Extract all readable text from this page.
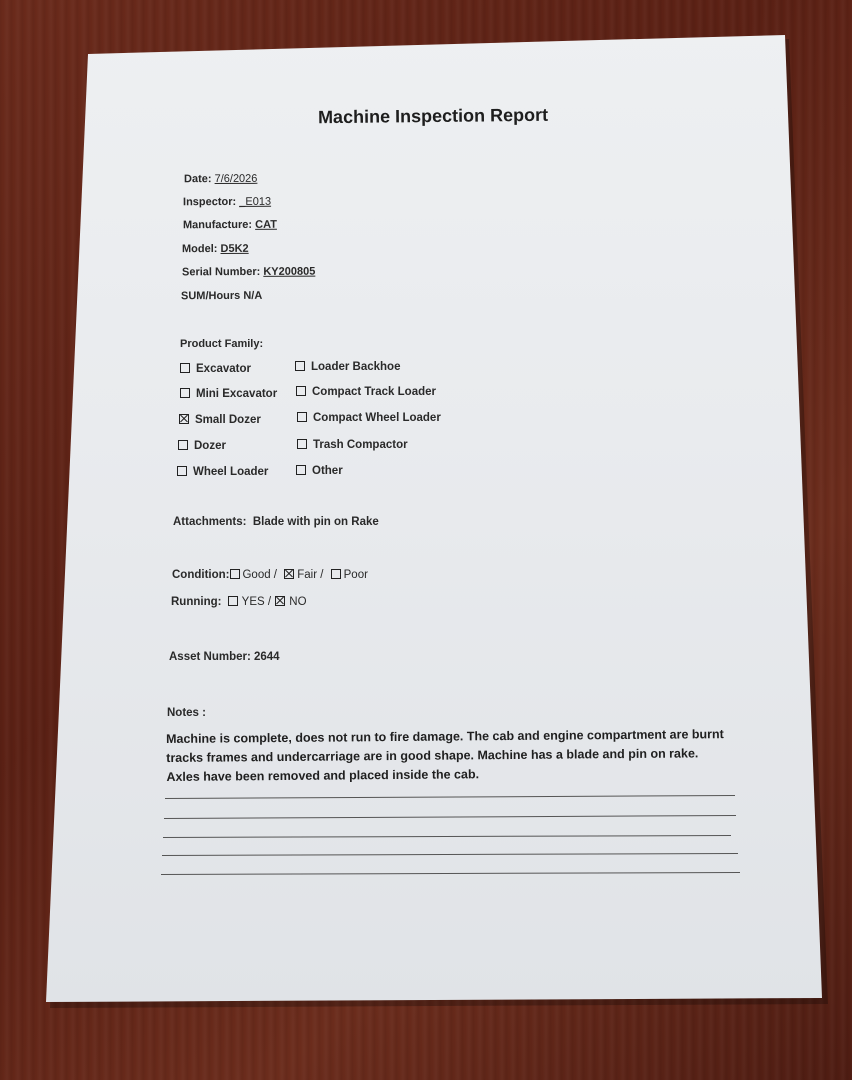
Machine Inspection Report
Date: 7/6/2026
Inspector: _E013
Manufacture: CAT
Model: D5K2
Serial Number: KY200805
SUM/Hours N/A
Product Family:
Excavator	Loader Backhoe
Mini Excavator	Compact Track Loader
Small Dozer	Compact Wheel Loader
Dozer	Trash Compactor
Wheel Loader	Other
Attachments: Blade with pin on Rake
Condition: Good / Fair / Poor
Running: YES / NO
Asset Number: 2644
Notes :
Machine is complete, does not run to fire damage. The cab and engine compartment are burnt
tracks frames and undercarriage are in good shape. Machine has a blade and pin on rake.
Axles have been removed and placed inside the cab.
